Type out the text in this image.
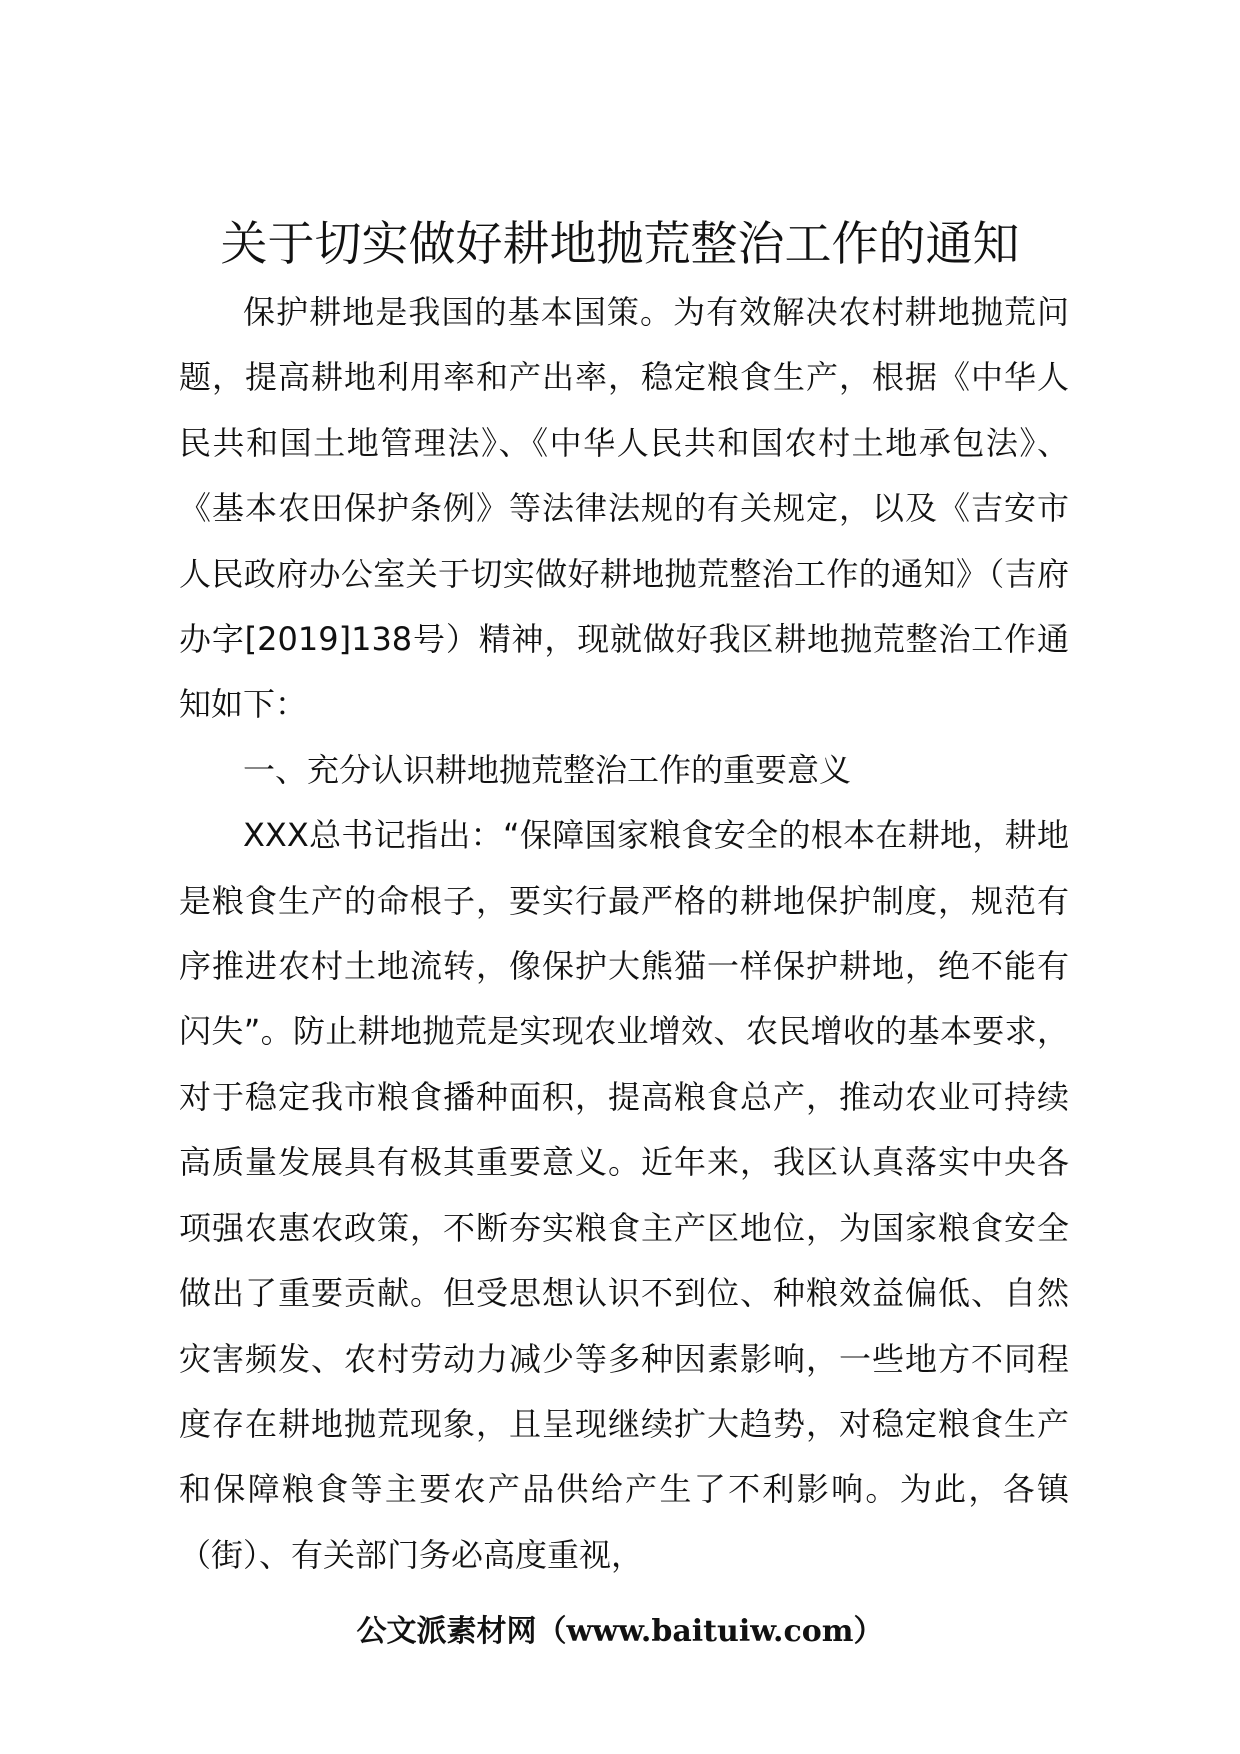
关于切实做好耕地抛荒整治工作的通知

保护耕地是我国的基本国策。为有效解决农村耕地抛荒问题，提高耕地利用率和产出率，稳定粮食生产，根据《中华人民共和国土地管理法》、《中华人民共和国农村土地承包法》、《基本农田保护条例》等法律法规的有关规定，以及《吉安市人民政府办公室关于切实做好耕地抛荒整治工作的通知》（吉府办字[2019]138号）精神，现就做好我区耕地抛荒整治工作通知如下：

一、充分认识耕地抛荒整治工作的重要意义

XXX总书记指出：“保障国家粮食安全的根本在耕地，耕地是粮食生产的命根子，要实行最严格的耕地保护制度，规范有序推进农村土地流转，像保护大熊猫一样保护耕地，绝不能有闪失”。防止耕地抛荒是实现农业增效、农民增收的基本要求，对于稳定我市粮食播种面积，提高粮食总产，推动农业可持续高质量发展具有极其重要意义。近年来，我区认真落实中央各项强农惠农政策，不断夯实粮食主产区地位，为国家粮食安全做出了重要贡献。但受思想认识不到位、种粮效益偏低、自然灾害频发、农村劳动力减少等多种因素影响，一些地方不同程度存在耕地抛荒现象，且呈现继续扩大趋势，对稳定粮食生产和保障粮食等主要农产品供给产生了不利影响。为此，各镇（街）、有关部门务必高度重视，

公文派素材网（www.baituiw.com）
